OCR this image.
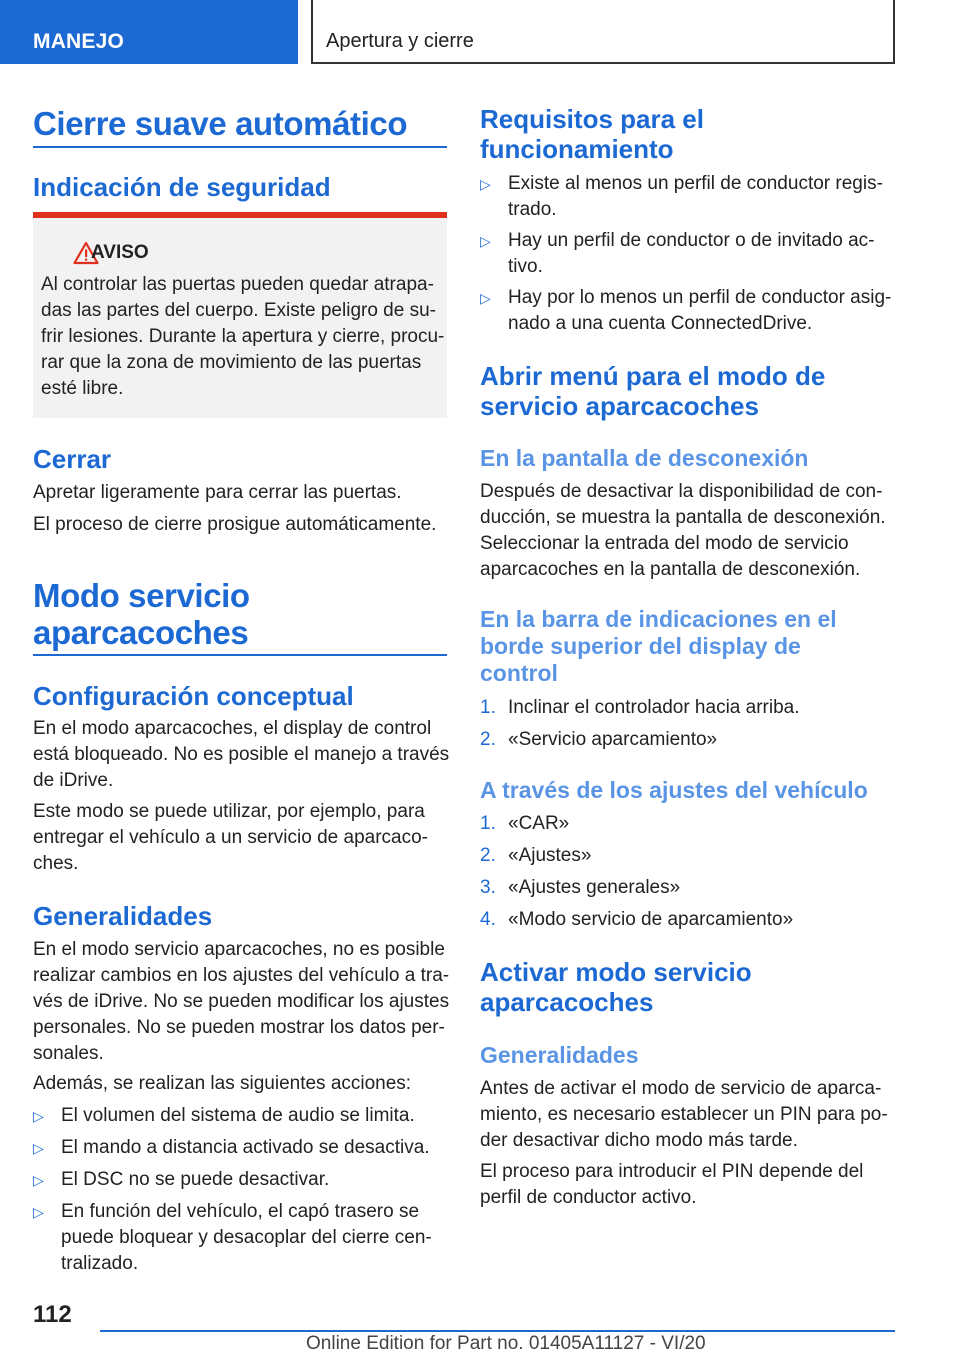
MANEJO	Apertura y cierre
Cierre suave automático
Indicación de seguridad
AVISO
Al controlar las puertas pueden quedar atrapa-
das las partes del cuerpo. Existe peligro de su-
frir lesiones. Durante la apertura y cierre, procu-
rar que la zona de movimiento de las puertas
esté libre.
Cerrar
Apretar ligeramente para cerrar las puertas.
El proceso de cierre prosigue automáticamente.
Modo servicio
aparcacoches
Configuración conceptual
En el modo aparcacoches, el display de control
está bloqueado. No es posible el manejo a través
de iDrive.
Este modo se puede utilizar, por ejemplo, para
entregar el vehículo a un servicio de aparcaco-
ches.
Generalidades
En el modo servicio aparcacoches, no es posible
realizar cambios en los ajustes del vehículo a tra-
vés de iDrive. No se pueden modificar los ajustes
personales. No se pueden mostrar los datos per-
sonales.
Además, se realizan las siguientes acciones:
▷ El volumen del sistema de audio se limita.
▷ El mando a distancia activado se desactiva.
▷ El DSC no se puede desactivar.
▷ En función del vehículo, el capó trasero se
puede bloquear y desacoplar del cierre cen-
tralizado.
Requisitos para el
funcionamiento
▷ Existe al menos un perfil de conductor regis-
trado.
▷ Hay un perfil de conductor o de invitado ac-
tivo.
▷ Hay por lo menos un perfil de conductor asig-
nado a una cuenta ConnectedDrive.
Abrir menú para el modo de
servicio aparcacoches
En la pantalla de desconexión
Después de desactivar la disponibilidad de con-
ducción, se muestra la pantalla de desconexión.
Seleccionar la entrada del modo de servicio
aparcacoches en la pantalla de desconexión.
En la barra de indicaciones en el
borde superior del display de
control
1. Inclinar el controlador hacia arriba.
2. «Servicio aparcamiento»
A través de los ajustes del vehículo
1. «CAR»
2. «Ajustes»
3. «Ajustes generales»
4. «Modo servicio de aparcamiento»
Activar modo servicio
aparcacoches
Generalidades
Antes de activar el modo de servicio de aparca-
miento, es necesario establecer un PIN para po-
der desactivar dicho modo más tarde.
El proceso para introducir el PIN depende del
perfil de conductor activo.
112
Online Edition for Part no. 01405A11127 - VI/20
